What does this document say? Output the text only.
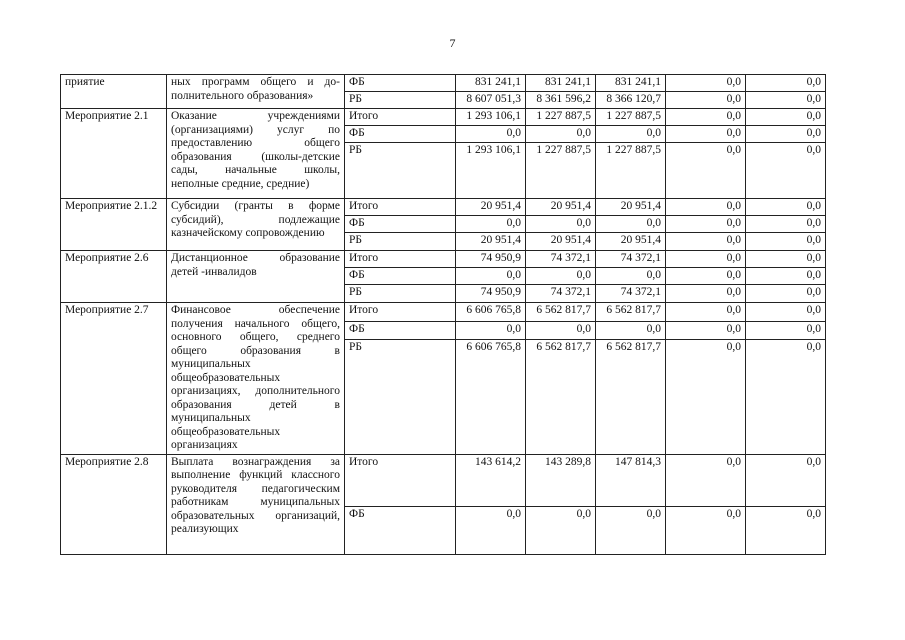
7
приятие	ных программ общего и до-полнительного образования»	ФБ	831 241,1	831 241,1	831 241,1	0,0	0,0
		РБ	8 607 051,3	8 361 596,2	8 366 120,7	0,0	0,0

Мероприятие 2.1	Оказание учреждениями (организациями) услуг по предоставлению общего образования (школы-детские сады, начальные школы, неполные средние, средние)	Итого	1 293 106,1	1 227 887,5	1 227 887,5	0,0	0,0
		ФБ	0,0	0,0	0,0	0,0	0,0
		РБ	1 293 106,1	1 227 887,5	1 227 887,5	0,0	0,0

Мероприятие 2.1.2	Субсидии (гранты в форме субсидий), подлежащие казначейскому сопровождению	Итого	20 951,4	20 951,4	20 951,4	0,0	0,0
		ФБ	0,0	0,0	0,0	0,0	0,0
		РБ	20 951,4	20 951,4	20 951,4	0,0	0,0

Мероприятие 2.6	Дистанционное образование детей -инвалидов	Итого	74 950,9	74 372,1	74 372,1	0,0	0,0
		ФБ	0,0	0,0	0,0	0,0	0,0
		РБ	74 950,9	74 372,1	74 372,1	0,0	0,0

Мероприятие 2.7	Финансовое обеспечение получения начального общего, основного общего, среднего общего образования в муниципальных общеобразовательных организациях, дополнительного образования детей в муниципальных общеобразовательных организациях	Итого	6 606 765,8	6 562 817,7	6 562 817,7	0,0	0,0
		ФБ	0,0	0,0	0,0	0,0	0,0
		РБ	6 606 765,8	6 562 817,7	6 562 817,7	0,0	0,0

Мероприятие 2.8	Выплата вознаграждения за выполнение функций классного руководителя педагогическим работникам муниципальных образовательных организаций, реализующих	Итого	143 614,2	143 289,8	147 814,3	0,0	0,0
		ФБ	0,0	0,0	0,0	0,0	0,0
